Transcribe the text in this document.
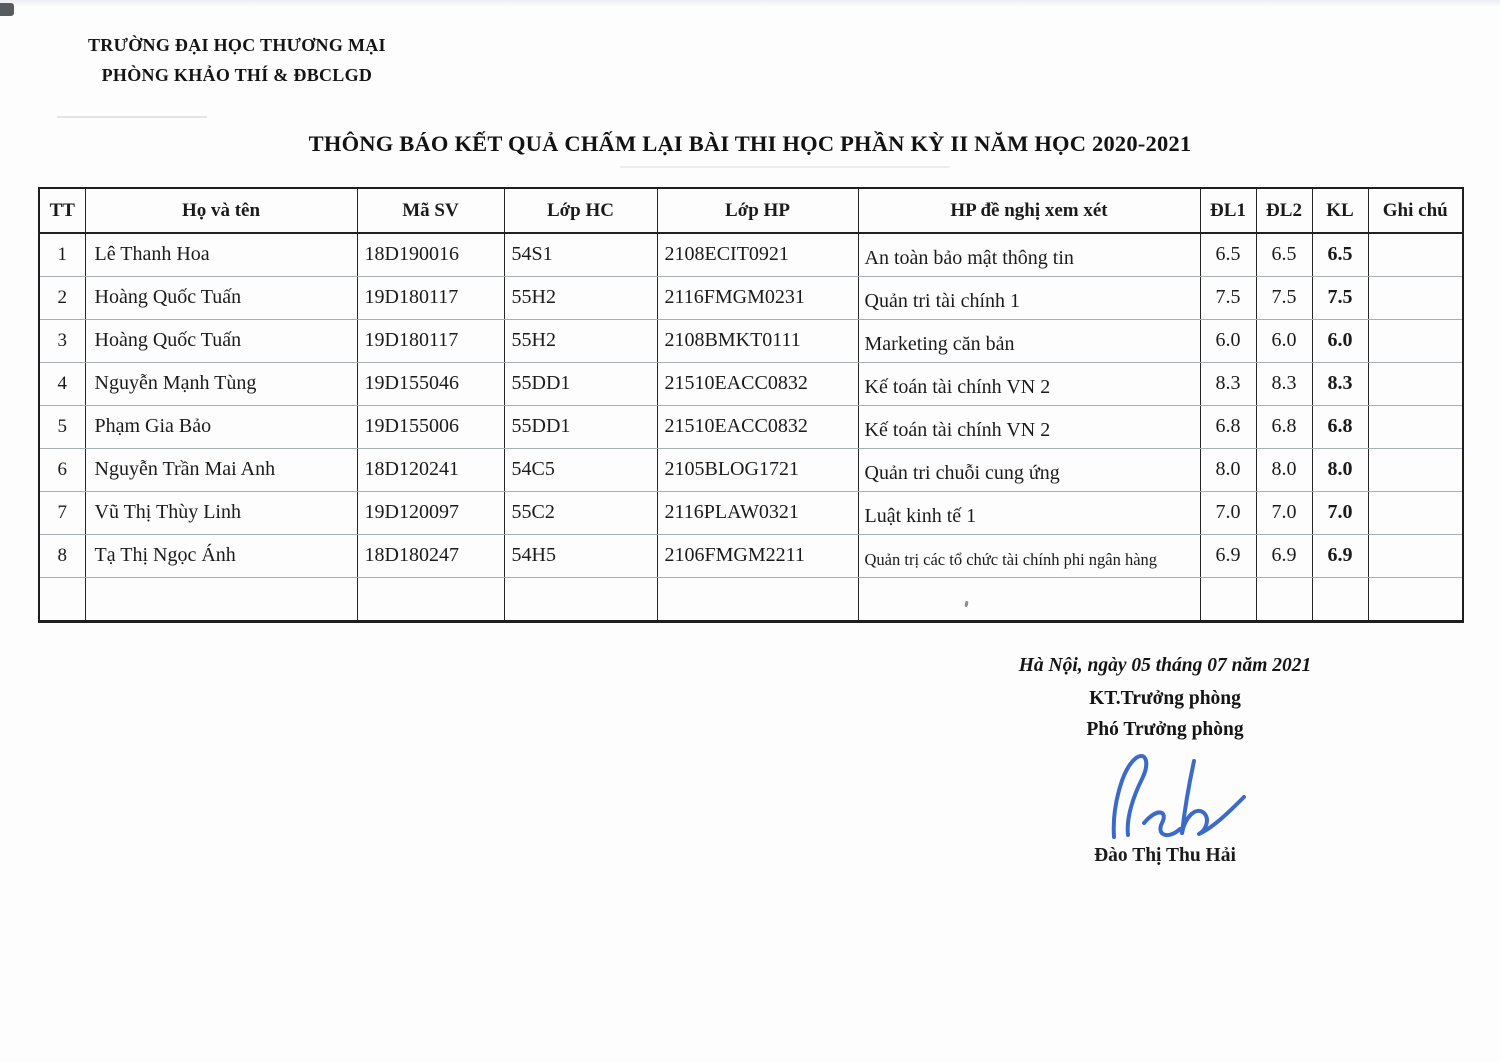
TRƯỜNG ĐẠI HỌC THƯƠNG MẠI
PHÒNG KHẢO THÍ & ĐBCLGD
THÔNG BÁO KẾT QUẢ CHẤM LẠI BÀI THI HỌC PHẦN KỲ II NĂM HỌC 2020-2021
TT	Họ và tên	Mã SV	Lớp HC	Lớp HP	HP đề nghị xem xét	ĐL1	ĐL2	KL	Ghi chú
1	Lê Thanh Hoa	18D190016	54S1	2108ECIT0921	An toàn bảo mật thông tin	6.5	6.5	6.5	
2	Hoàng Quốc Tuấn	19D180117	55H2	2116FMGM0231	Quản tri tài chính 1	7.5	7.5	7.5	
3	Hoàng Quốc Tuấn	19D180117	55H2	2108BMKT0111	Marketing căn bản	6.0	6.0	6.0	
4	Nguyễn Mạnh Tùng	19D155046	55DD1	21510EACC0832	Kế toán tài chính VN 2	8.3	8.3	8.3	
5	Phạm Gia Bảo	19D155006	55DD1	21510EACC0832	Kế toán tài chính VN 2	6.8	6.8	6.8	
6	Nguyễn Trần Mai Anh	18D120241	54C5	2105BLOG1721	Quản tri chuỗi cung ứng	8.0	8.0	8.0	
7	Vũ Thị Thùy Linh	19D120097	55C2	2116PLAW0321	Luật kinh tế 1	7.0	7.0	7.0	
8	Tạ Thị Ngọc Ánh	18D180247	54H5	2106FMGM2211	Quản trị các tổ chức tài chính phi ngân hàng	6.9	6.9	6.9	

Hà Nội, ngày 05 tháng 07 năm 2021
KT.Trưởng phòng
Phó Trưởng phòng
Đào Thị Thu Hải
